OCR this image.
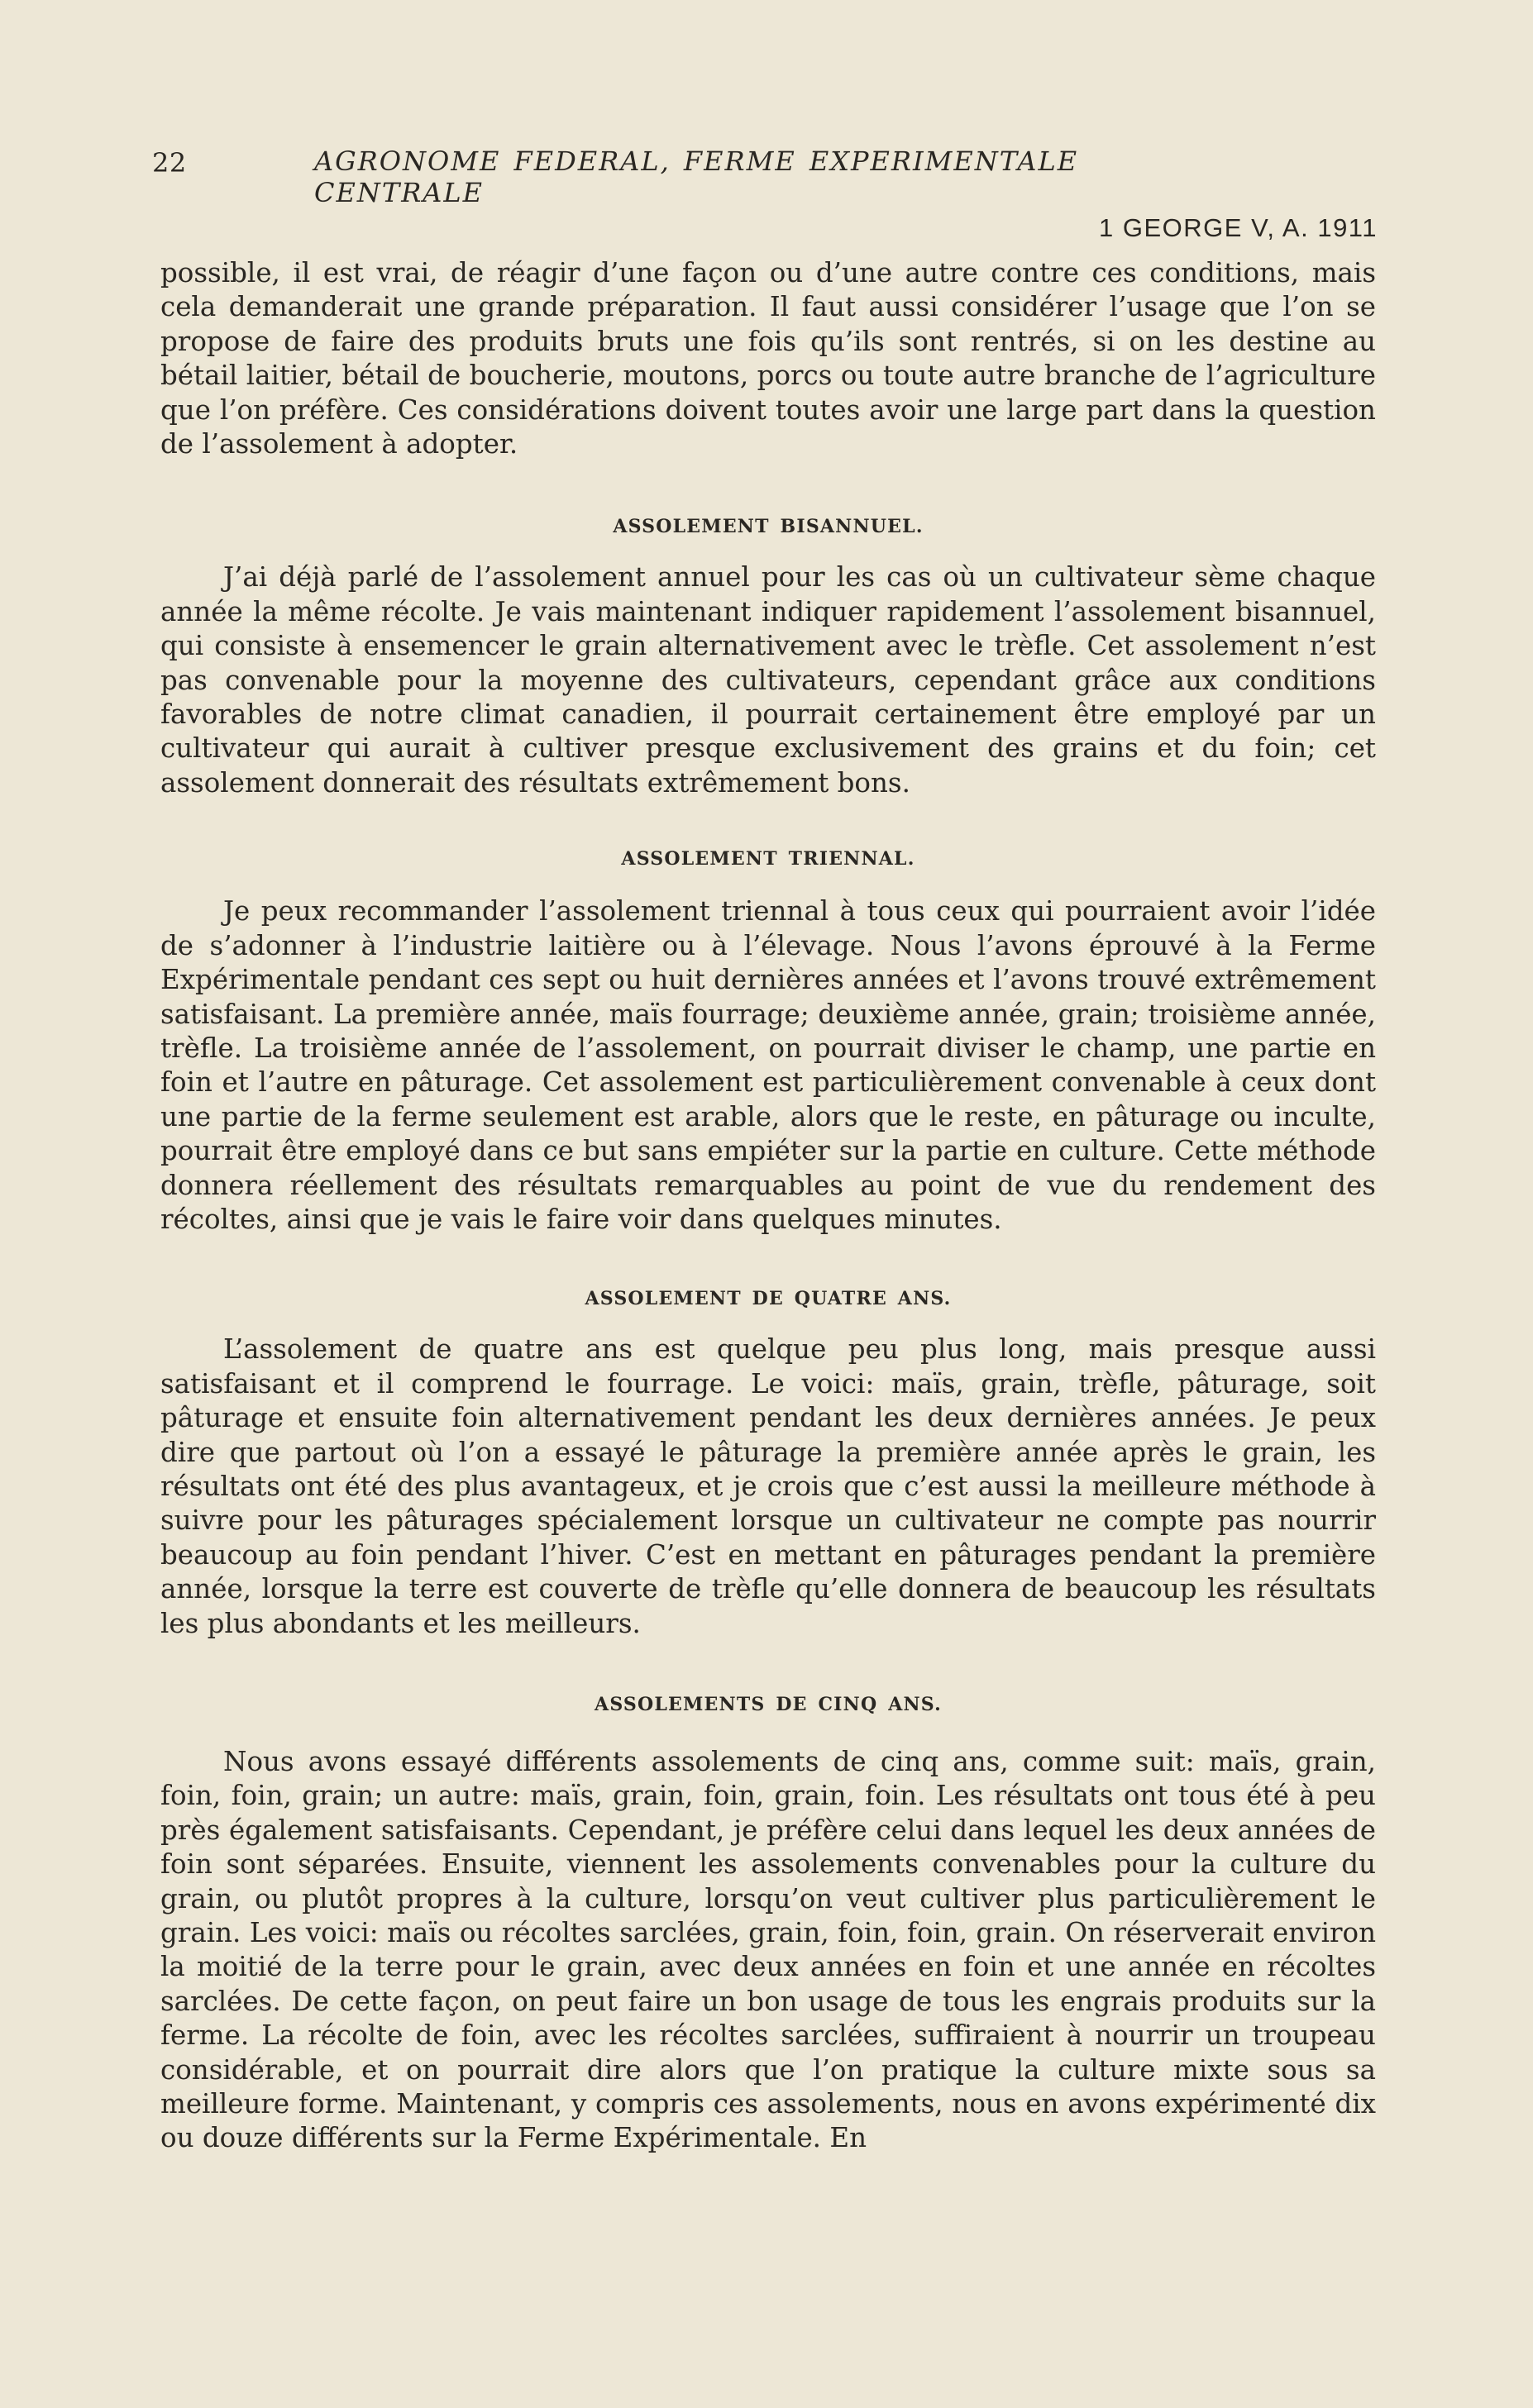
22	AGRONOME FEDERAL, FERME EXPERIMENTALE CENTRALE
1 GEORGE V, A. 1911

possible, il est vrai, de réagir d’une façon ou d’une autre contre ces conditions, mais cela demanderait une grande préparation. Il faut aussi considérer l’usage que l’on se propose de faire des produits bruts une fois qu’ils sont rentrés, si on les destine au bétail laitier, bétail de boucherie, moutons, porcs ou toute autre branche de l’agriculture que l’on préfère. Ces considérations doivent toutes avoir une large part dans la question de l’assolement à adopter.

ASSOLEMENT BISANNUEL.

J’ai déjà parlé de l’assolement annuel pour les cas où un cultivateur sème chaque année la même récolte. Je vais maintenant indiquer rapidement l’assolement bisannuel, qui consiste à ensemencer le grain alternativement avec le trèfle. Cet assolement n’est pas convenable pour la moyenne des cultivateurs, cependant grâce aux conditions favorables de notre climat canadien, il pourrait certainement être employé par un cultivateur qui aurait à cultiver presque exclusivement des grains et du foin; cet assolement donnerait des résultats extrêmement bons.

ASSOLEMENT TRIENNAL.

Je peux recommander l’assolement triennal à tous ceux qui pourraient avoir l’idée de s’adonner à l’industrie laitière ou à l’élevage. Nous l’avons éprouvé à la Ferme Expérimentale pendant ces sept ou huit dernières années et l’avons trouvé extrêmement satisfaisant. La première année, maïs fourrage; deuxième année, grain; troisième année, trèfle. La troisième année de l’assolement, on pourrait diviser le champ, une partie en foin et l’autre en pâturage. Cet assolement est particulièrement convenable à ceux dont une partie de la ferme seulement est arable, alors que le reste, en pâturage ou inculte, pourrait être employé dans ce but sans empiéter sur la partie en culture. Cette méthode donnera réellement des résultats remarquables au point de vue du rendement des récoltes, ainsi que je vais le faire voir dans quelques minutes.

ASSOLEMENT DE QUATRE ANS.

L’assolement de quatre ans est quelque peu plus long, mais presque aussi satisfaisant et il comprend le fourrage. Le voici: maïs, grain, trèfle, pâturage, soit pâturage et ensuite foin alternativement pendant les deux dernières années. Je peux dire que partout où l’on a essayé le pâturage la première année après le grain, les résultats ont été des plus avantageux, et je crois que c’est aussi la meilleure méthode à suivre pour les pâturages spécialement lorsque un cultivateur ne compte pas nourrir beaucoup au foin pendant l’hiver. C’est en mettant en pâturages pendant la première année, lorsque la terre est couverte de trèfle qu’elle donnera de beaucoup les résultats les plus abondants et les meilleurs.

ASSOLEMENTS DE CINQ ANS.

Nous avons essayé différents assolements de cinq ans, comme suit: maïs, grain, foin, foin, grain; un autre: maïs, grain, foin, grain, foin. Les résultats ont tous été à peu près également satisfaisants. Cependant, je préfère celui dans lequel les deux années de foin sont séparées. Ensuite, viennent les assolements convenables pour la culture du grain, ou plutôt propres à la culture, lorsqu’on veut cultiver plus particulièrement le grain. Les voici: maïs ou récoltes sarclées, grain, foin, foin, grain. On réserverait environ la moitié de la terre pour le grain, avec deux années en foin et une année en récoltes sarclées. De cette façon, on peut faire un bon usage de tous les engrais produits sur la ferme. La récolte de foin, avec les récoltes sarclées, suffiraient à nourrir un troupeau considérable, et on pourrait dire alors que l’on pratique la culture mixte sous sa meilleure forme. Maintenant, y compris ces assolements, nous en avons expérimenté dix ou douze différents sur la Ferme Expérimentale. En
